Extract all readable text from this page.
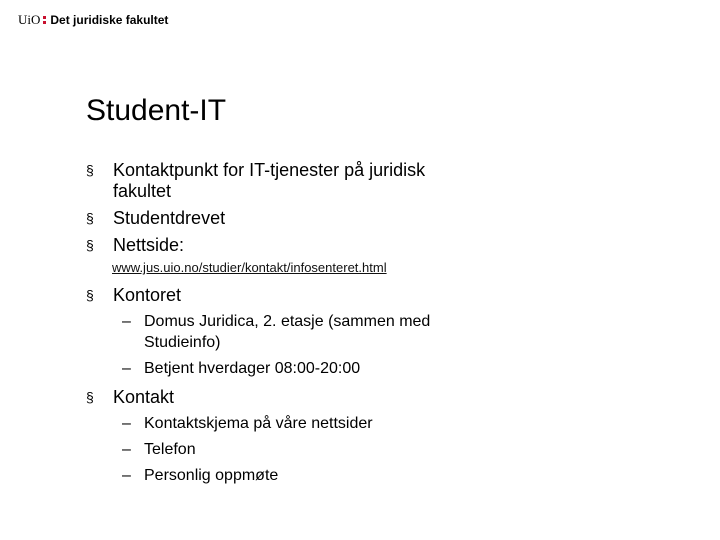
UiO Det juridiske fakultet
Student-IT
§ Kontaktpunkt for IT-tjenester på juridisk fakultet
§ Studentdrevet
§ Nettside:
www.jus.uio.no/studier/kontakt/infosenteret.html
§ Kontoret
– Domus Juridica, 2. etasje (sammen med Studieinfo)
– Betjent hverdager 08:00-20:00
§ Kontakt
– Kontaktskjema på våre nettsider
– Telefon
– Personlig oppmøte
